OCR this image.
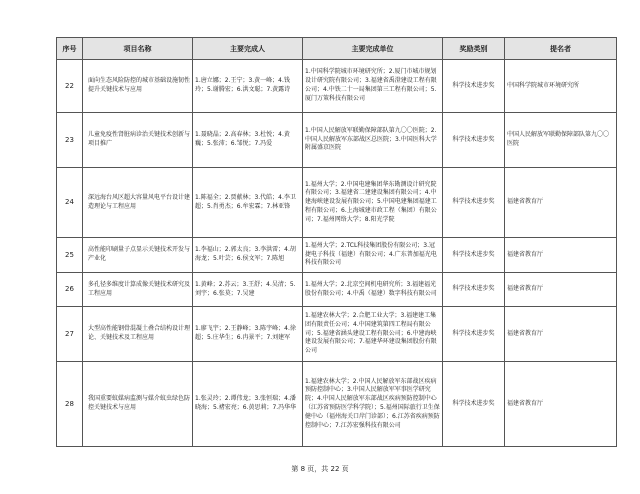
序号	项目名称	主要完成人	主要完成单位	奖励类别	提名者
22	面向生态风险防控的城市基础设施韧性提升关键技术与应用	1.唐立娜；2.王宁；3.黄一峰；4.钱玲；5.谢腾宏；6.洪文聪；7.黄露诗	1.中国科学院城市环境研究所；2.厦门市城市规划设计研究院有限公司；3.福建省禹澄建设工程有限公司；4.中铁二十一局集团第三工程有限公司；5.厦门万策科技有限公司	科学技术进步奖	中国科学院城市环境研究所
23	儿童免疫性肾脏病诊治关键技术创新与项目推广	1.聂晓晶；2.高春林；3.杜悦；4.黄巍；5.张沛；6.邹悦；7.冯爱	1.中国人民解放军联勤保障部队第九〇〇医院；2.中国人民解放军东部战区总医院；3.中国医科大学附属盛京医院	科学技术进步奖	中国人民解放军联勤保障部队第九〇〇医院
24	深远海台风区超大容量风电平台设计建造理论与工程应用	1.陈福全；2.贾献林；3.代皓；4.李卫超；5.肖勇杰；6.牟宏霖；7.林亚锋	1.福州大学；2.中国电建集团华东勘测设计研究院有限公司；3.福建省二建建设集团有限公司；4.中建海峡建设发展有限公司；5.中国电建集团福建工程有限公司；6.上海城建市政工程（集团）有限公司；7.福州网络大学；8.阳光学院	科学技术进步奖	福建省教育厅
25	高性能印刷量子点显示关键技术开发与产业化	1.李福山；2.郭太良；3.李洪雷；4.胡海龙；5.叶芸；6.侯文军；7.陈旭	1.福州大学；2.TCL科技集团股份有限公司；3.冠捷电子科技（福建）有限公司；4.广东普加福光电科技有限公司	科学技术进步奖	福建省教育厅
26	多孔径多维度计算成像关键技术研究及工程应用	1.黄峰；2.苏云；3.王舒；4.吴清；5.刘宇；6.张莫；7.吴建	1.福州大学；2.北京空间机电研究所；3.福建福光股份有限公司；4.中禹（福建）数字科技有限公司	科学技术进步奖	福建省教育厅
27	大型高性能钢骨混凝土叠合结构设计理论、关键技术及工程应用	1.廖飞宇；2.王静峰；3.陈宇峰；4.徐超；5.庄华生；6.冉景平；7.刘建军	1.福建农林大学；2.合肥工业大学；3.福建建工集团有限责任公司；4.中国建筑第四工程局有限公司；5.福建省涵头建设工程有限公司；6.中建海峡建设发展有限公司；7.福建华环建设集团股份有限公司	科学技术进步奖	福建省教育厅
28	我国重要蚊媒病监测与媒介蚊虫绿色防控关键技术与应用	1.张灵玲；2.谭伟龙；3.张恒瑞；4.潘晓海；5.褚宏亮；6.黄思莉；7.冯华华	1.福建农林大学；2.中国人民解放军东部战区疾病预防控制中心；3.中国人民解放军军事医学研究院；4.中国人民解放军东部战区疾病预防控制中心（江苏省预防医学科学院）；5.福州国际旅行卫生保健中心（福州海关口岸门诊部）；6.江苏省疾病预防控制中心；7.江苏宏强科技有限公司	科学技术进步奖	福建省教育厅
第 8 页，共 22 页
